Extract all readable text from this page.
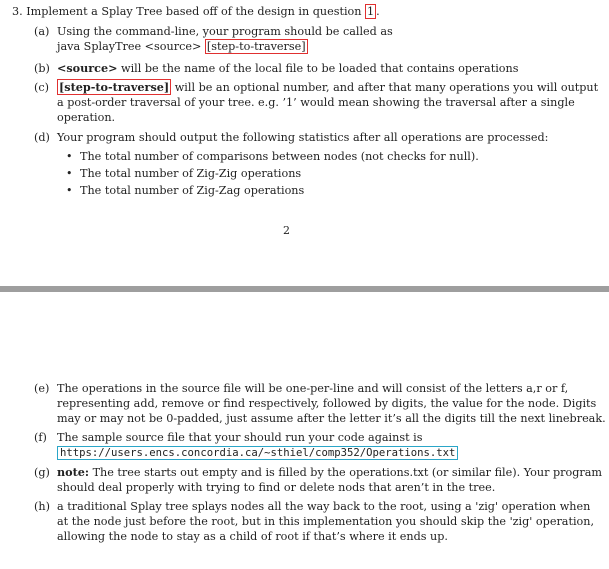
3. Implement a Splay Tree based off of the design in question 1 .
(a) Using the command-line, your program should be called as
java SplayTree <source> [step-to-traverse]
(b) <source> will be the name of the local file to be loaded that contains operations
(c) [step-to-traverse] will be an optional number, and after that many operations you will output
a post-order traversal of your tree. e.g. ’1’ would mean showing the traversal after a single
operation.
(d) Your program should output the following statistics after all operations are processed:
• The total number of comparisons between nodes (not checks for null).
• The total number of Zig-Zig operations
• The total number of Zig-Zag operations
2
(e) The operations in the source file will be one-per-line and will consist of the letters a,r or f,
representing add, remove or find respectively, followed by digits, the value for the node. Digits
may or may not be 0-padded, just assume after the letter it’s all the digits till the next linebreak.
(f) The sample source file that your should run your code against is
https://users.encs.concordia.ca/~sthiel/comp352/Operations.txt
(g) note: The tree starts out empty and is filled by the operations.txt (or similar file). Your program
should deal properly with trying to find or delete nods that aren’t in the tree.
(h) a traditional Splay tree splays nodes all the way back to the root, using a 'zig' operation when
at the node just before the root, but in this implementation you should skip the 'zig' operation,
allowing the node to stay as a child of root if that’s where it ends up.
